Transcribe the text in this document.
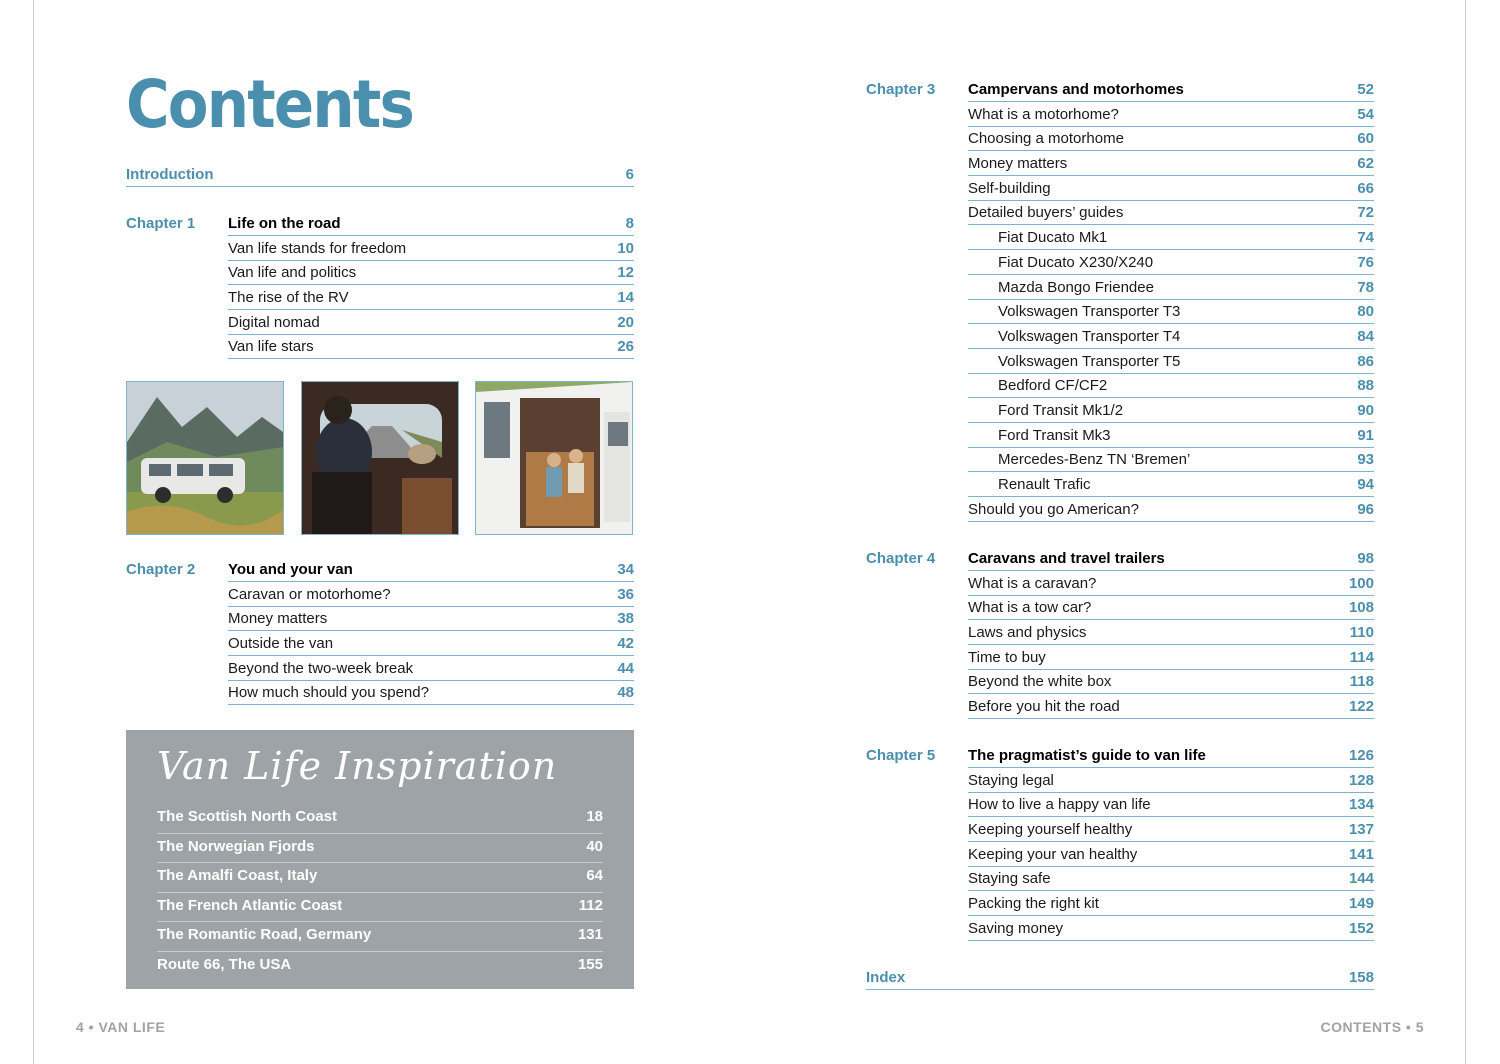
Contents
Introduction	6
Chapter 1 Life on the road	8
Van life stands for freedom	10
Van life and politics	12
The rise of the RV	14
Digital nomad	20
Van life stars	26
Chapter 2 You and your van	34
Caravan or motorhome?	36
Money matters	38
Outside the van	42
Beyond the two-week break	44
How much should you spend?	48
Van Life Inspiration
The Scottish North Coast	18
The Norwegian Fjords	40
The Amalfi Coast, Italy	64
The French Atlantic Coast	112
The Romantic Road, Germany	131
Route 66, The USA	155
Chapter 3 Campervans and motorhomes	52
What is a motorhome?	54
Choosing a motorhome	60
Money matters	62
Self-building	66
Detailed buyers’ guides	72
Fiat Ducato Mk1	74
Fiat Ducato X230/X240	76
Mazda Bongo Friendee	78
Volkswagen Transporter T3	80
Volkswagen Transporter T4	84
Volkswagen Transporter T5	86
Bedford CF/CF2	88
Ford Transit Mk1/2	90
Ford Transit Mk3	91
Mercedes-Benz TN ‘Bremen’	93
Renault Trafic	94
Should you go American?	96
Chapter 4 Caravans and travel trailers	98
What is a caravan?	100
What is a tow car?	108
Laws and physics	110
Time to buy	114
Beyond the white box	118
Before you hit the road	122
Chapter 5 The pragmatist’s guide to van life	126
Staying legal	128
How to live a happy van life	134
Keeping yourself healthy	137
Keeping your van healthy	141
Staying safe	144
Packing the right kit	149
Saving money	152
Index	158
4 • VAN LIFE	CONTENTS • 5
